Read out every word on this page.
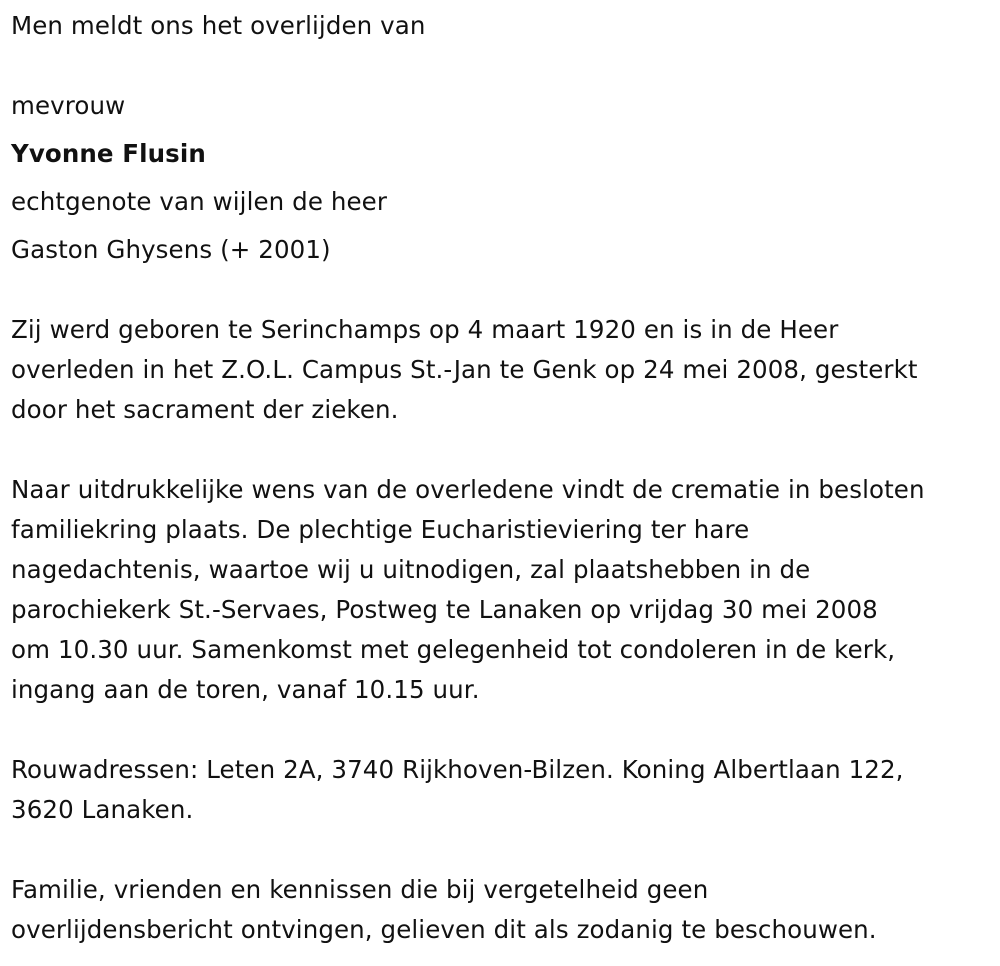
Men meldt ons het overlijden van
mevrouw
Yvonne Flusin
echtgenote van wijlen de heer
Gaston Ghysens (+ 2001)

Zij werd geboren te Serinchamps op 4 maart 1920 en is in de Heer
overleden in het Z.O.L. Campus St.-Jan te Genk op 24 mei 2008, gesterkt
door het sacrament der zieken.

Naar uitdrukkelijke wens van de overledene vindt de crematie in besloten
familiekring plaats. De plechtige Eucharistieviering ter hare
nagedachtenis, waartoe wij u uitnodigen, zal plaatshebben in de
parochiekerk St.-Servaes, Postweg te Lanaken op vrijdag 30 mei 2008
om 10.30 uur. Samenkomst met gelegenheid tot condoleren in de kerk,
ingang aan de toren, vanaf 10.15 uur.

Rouwadressen: Leten 2A, 3740 Rijkhoven-Bilzen. Koning Albertlaan 122,
3620 Lanaken.

Familie, vrienden en kennissen die bij vergetelheid geen
overlijdensbericht ontvingen, gelieven dit als zodanig te beschouwen.
